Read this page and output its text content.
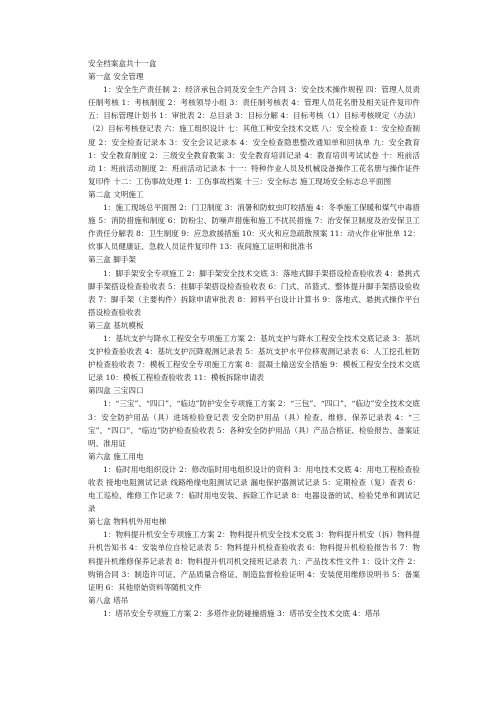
安全档案盒共十一盒

第一盒 安全管理

1：安全生产责任制 2：经济承包合同及安全生产合同 3：安全技术操作规程 四：管理人员责任制考核 1：考核制度 2：考核领导小组 3：责任制考核表 4：管理人员花名册及相关证件复印件 五：目标管理计划书 1：审批表 2：总目录 3：目标分解 4：目标考核（1）目标考核规定（办法）（2）目标考核登记表 六：施工组织设计 七：其他工种安全技术交底 八：安全检查 1：安全检查制度 2：安全检查记录本 3：安全会议记录本 4：安全检查隐患整改通知单和回执单 九：安全教育 1：安全教育制度 2：三级安全教育教案 3：安全教育培训记录 4：教育培训考试试卷 十：班前活动 1：班前活动制度 2：班前活动记录本 十一：特种作业人员及机械设备操作工花名册与操作证件复印件 十二：工伤事故处理 1：工伤事故档案 十三：安全标志 施工现场安全标志总平面图

第二盒 文明施工

1：施工现场总平面图 2：门卫制度 3：消暑和防蚊虫叮咬措施 4：冬季施工保暖和煤气中毒措施 5：消防措施和制度 6：防粉尘、防噪声措施和施工不扰民措施 7：治安保卫制度及治安保卫工作责任分解表 8：卫生制度 9：应急救援措施 10：灭火和应急疏散预案 11：动火作业审批单 12：炊事人员健康证、急救人员证件复印件 13：夜间施工证明和批准书

第三盒 脚手架

1：脚手架安全专项施工 2：脚手架安全技术交底 3：落地式脚手架搭设检查验收表 4：悬挑式脚手架搭设检查验收表 5：挂脚手架搭设检查验收表 6：门式、吊篮式、整体提升脚手架搭设验收表 7：脚手架（主要构件）拆除申请审批表 8：卸料平台设计计算书 9：落地式、悬挑式操作平台搭设检查验收表

第三盒 基坑模板

1：基坑支护与降水工程安全专项施工方案 2：基坑支护与降水工程安全技术交底记录 3：基坑支护检查验收表 4：基坑支护沉降观测记录表 5：基坑支护水平位移观测记录表 6：人工挖孔桩防护检查验收表 7：模板工程安全专项施工方案 8：混凝土输送安全措施 9：模板工程安全技术交底记录 10：模板工程检查验收表 11：模板拆除申请表

第四盒 三宝四口

1：“三宝”、“四口”、“临边”防护安全专项施工方案 2：“三包”、“四口”、“临边”安全技术交底 3：安全防护用品（具）进场检验登记表 安全防护用品（具）检查、维修、保养记录表 4：“三宝”、“四口”、“临边”防护检查验收表 5：各种安全防护用品（具）产品合格证、检验报告、备案证明、准用证

第六盒 施工用电

1：临时用电组织设计 2：修改临时用电组织设计的资料 3：用电技术交底 4：用电工程检查验收表 接地电阻测试记录 线路绝缘电阻测试记录 漏电保护器测试记录 5：定期检查（复）查表 6：电工巡检、维修工作记录 7：临时用电安装、拆除工作记录 8：电器设备的试、检验凭单和调试记录

第七盒 物料机外用电梯

1：物料提升机安全专项施工方案 2：物料提升机安全技术交底 3：物料提升机安（拆）物料提升机告知书 4：安装单位自检记录表 5：物料提升机检查验收表 6：物料提升机检验报告书 7：物料提升机维修保养记录表 8：物料提升机司机交接班记录表 九：产品技术性文件 1：设计文件 2：购销合同 3：制造许可证、产品质量合格证、制造监督检验证明 4：安装使用维修说明书 5：备案证明 6：其他原始资料等随机文件

第八盒 塔吊

1：塔吊安全专项施工方案 2：多塔作业防碰撞措施 3：塔吊安全技术交底 4：塔吊
